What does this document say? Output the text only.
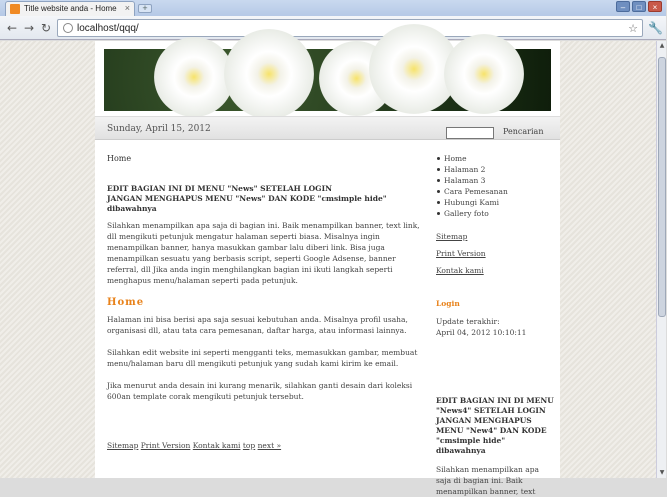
Title website anda - Home ×	+	–	□	×
← → ↻	localhost/qqq/	☆ 🔧
Sunday, April 15, 2012	Pencarian
Home
EDIT BAGIAN INI DI MENU "News" SETELAH LOGIN
JANGAN MENGHAPUS MENU "News" DAN KODE "cmsimple hide" dibawahnya
Silahkan menampilkan apa saja di bagian ini. Baik menampilkan banner, text link, dll mengikuti petunjuk mengatur halaman seperti biasa. Misalnya ingin menampilkan banner, hanya masukkan gambar lalu diberi link. Bisa juga menampilkan sesuatu yang berbasis script, seperti Google Adsense, banner referral, dll Jika anda ingin menghilangkan bagian ini ikuti langkah seperti menghapus menu/halaman seperti pada petunjuk.
Home
Halaman ini bisa berisi apa saja sesuai kebutuhan anda. Misalnya profil usaha, organisasi dll, atau tata cara pemesanan, daftar harga, atau informasi lainnya.
Silahkan edit website ini seperti mengganti teks, memasukkan gambar, membuat menu/halaman baru dll mengikuti petunjuk yang sudah kami kirim ke email.
Jika menurut anda desain ini kurang menarik, silahkan ganti desain dari koleksi 600an template corak mengikuti petunjuk tersebut.
Sitemap Print Version Kontak kami top next »
Home
Halaman 2
Halaman 3
Cara Pemesanan
Hubungi Kami
Gallery foto
Sitemap
Print Version
Kontak kami
Login
Update terakhir:
April 04, 2012 10:10:11
EDIT BAGIAN INI DI MENU "News4" SETELAH LOGIN JANGAN MENGHAPUS MENU "New4" DAN KODE "cmsimple hide" dibawahnya
Silahkan menampilkan apa saja di bagian ini. Baik menampilkan banner, text
▲
▼
